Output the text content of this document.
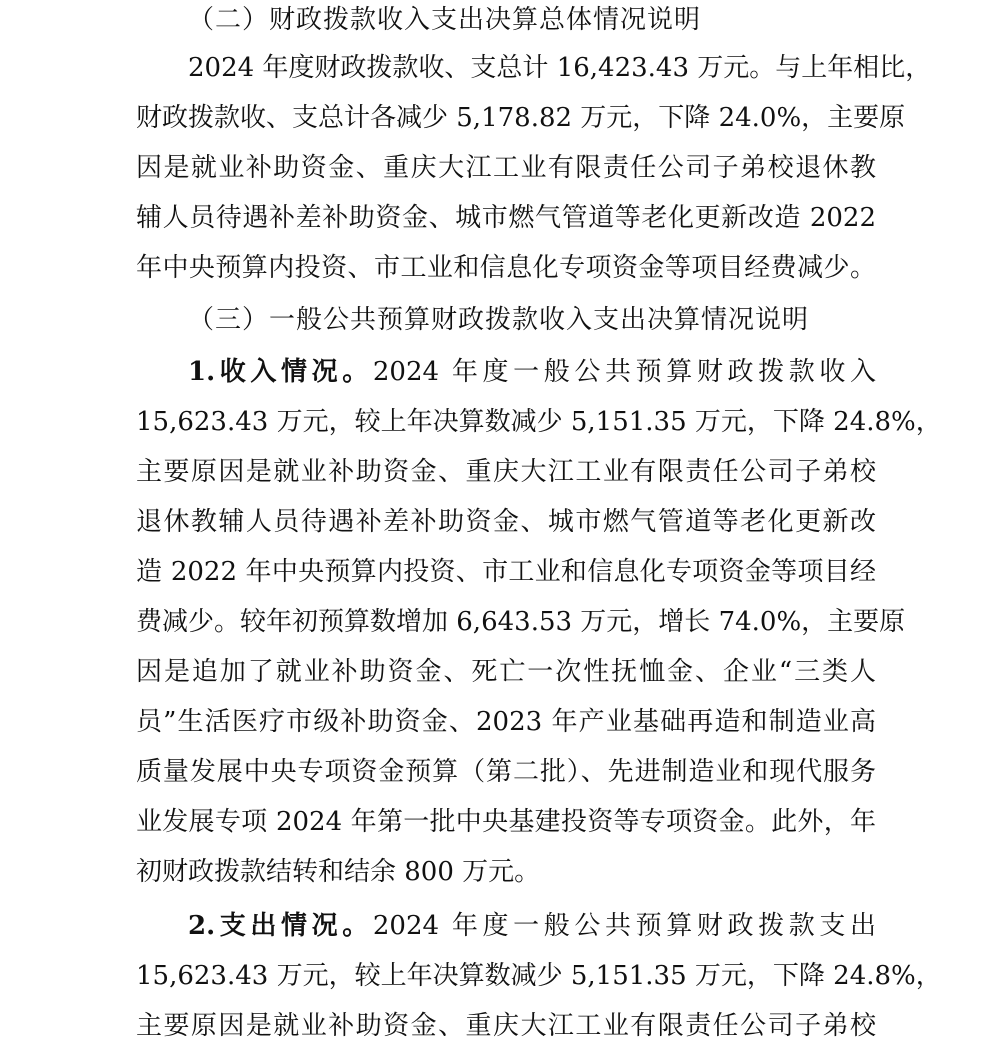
（二）财政拨款收入支出决算总体情况说明
2024 年度财政拨款收、支总计 16,423.43 万元。与上年相比，
财政拨款收、支总计各减少 5,178.82 万元，下降 24.0%，主要原
因是就业补助资金、重庆大江工业有限责任公司子弟校退休教
辅人员待遇补差补助资金、城市燃气管道等老化更新改造 2022
年中央预算内投资、市工业和信息化专项资金等项目经费减少。
（三）一般公共预算财政拨款收入支出决算情况说明
1.收入情况。2024 年度一般公共预算财政拨款收入
15,623.43 万元，较上年决算数减少 5,151.35 万元，下降 24.8%，
主要原因是就业补助资金、重庆大江工业有限责任公司子弟校
退休教辅人员待遇补差补助资金、城市燃气管道等老化更新改
造 2022 年中央预算内投资、市工业和信息化专项资金等项目经
费减少。较年初预算数增加 6,643.53 万元，增长 74.0%，主要原
因是追加了就业补助资金、死亡一次性抚恤金、企业“三类人
员”生活医疗市级补助资金、2023 年产业基础再造和制造业高
质量发展中央专项资金预算（第二批）、先进制造业和现代服务
业发展专项 2024 年第一批中央基建投资等专项资金。此外，年
初财政拨款结转和结余 800 万元。
2.支出情况。2024 年度一般公共预算财政拨款支出
15,623.43 万元，较上年决算数减少 5,151.35 万元，下降 24.8%，
主要原因是就业补助资金、重庆大江工业有限责任公司子弟校
